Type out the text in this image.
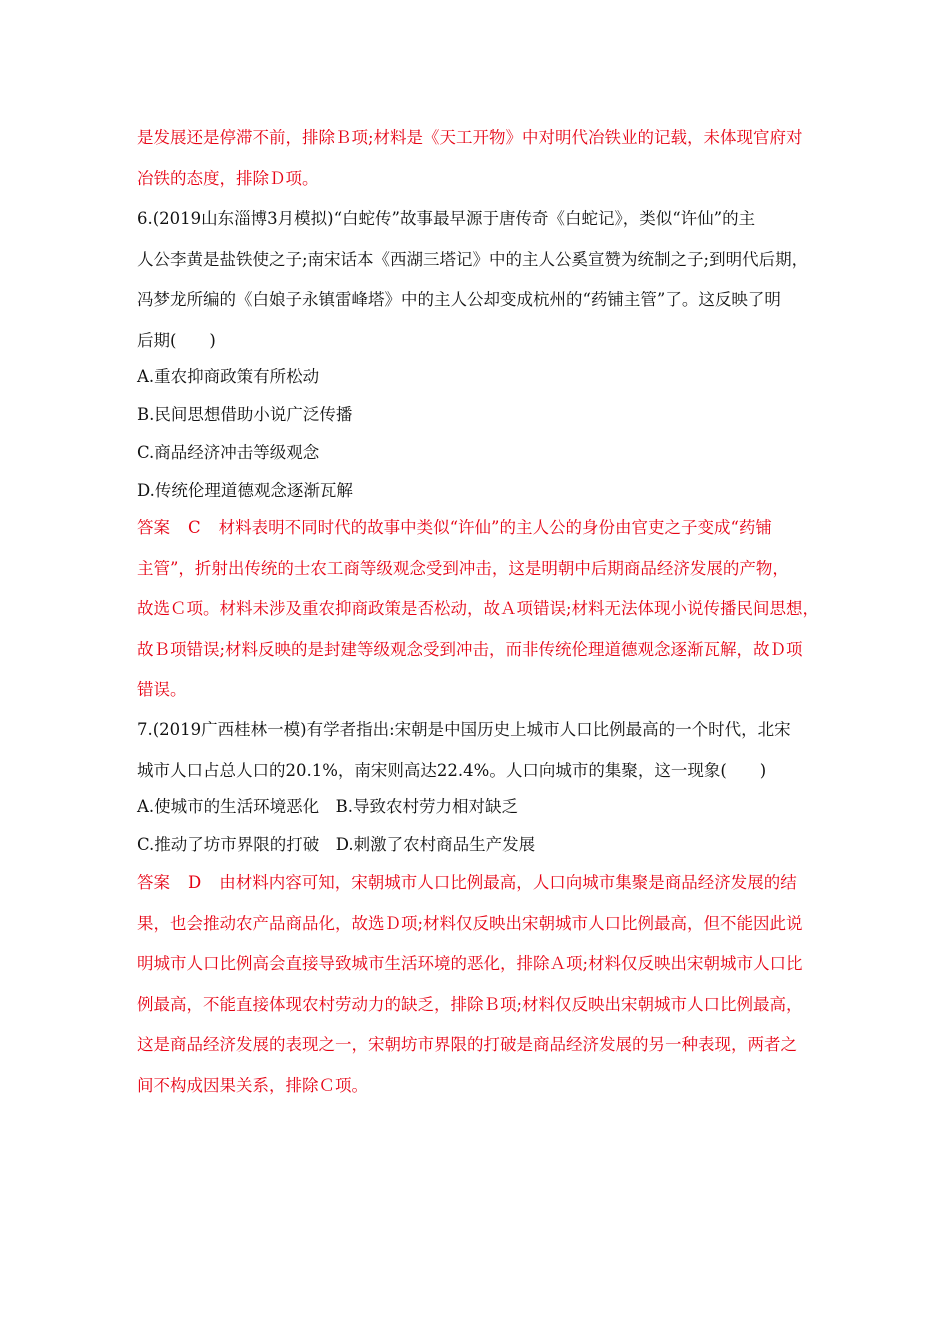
是发展还是停滞不前，排除Ｂ项;材料是《天工开物》中对明代冶铁业的记载，未体现官府对
冶铁的态度，排除Ｄ项。
6.(2019山东淄博3月模拟)“白蛇传”故事最早源于唐传奇《白蛇记》，类似“许仙”的主
人公李黄是盐铁使之子;南宋话本《西湖三塔记》中的主人公奚宣赞为统制之子;到明代后期，
冯梦龙所编的《白娘子永镇雷峰塔》中的主人公却变成杭州的“药铺主管”了。这反映了明
后期(　　)
A.重农抑商政策有所松动
B.民间思想借助小说广泛传播
C.商品经济冲击等级观念
D.传统伦理道德观念逐渐瓦解
答案 C 材料表明不同时代的故事中类似“许仙”的主人公的身份由官吏之子变成“药铺
主管”，折射出传统的士农工商等级观念受到冲击，这是明朝中后期商品经济发展的产物，
故选Ｃ项。材料未涉及重农抑商政策是否松动，故Ａ项错误;材料无法体现小说传播民间思想，
故Ｂ项错误;材料反映的是封建等级观念受到冲击，而非传统伦理道德观念逐渐瓦解，故Ｄ项
错误。
7.(2019广西桂林一模)有学者指出:宋朝是中国历史上城市人口比例最高的一个时代，北宋
城市人口占总人口的20.1%，南宋则高达22.4%。人口向城市的集聚，这一现象(　　)
A.使城市的生活环境恶化　B.导致农村劳力相对缺乏
C.推动了坊市界限的打破　D.刺激了农村商品生产发展
答案 D 由材料内容可知，宋朝城市人口比例最高，人口向城市集聚是商品经济发展的结
果，也会推动农产品商品化，故选Ｄ项;材料仅反映出宋朝城市人口比例最高，但不能因此说
明城市人口比例高会直接导致城市生活环境的恶化，排除Ａ项;材料仅反映出宋朝城市人口比
例最高，不能直接体现农村劳动力的缺乏，排除Ｂ项;材料仅反映出宋朝城市人口比例最高，
这是商品经济发展的表现之一，宋朝坊市界限的打破是商品经济发展的另一种表现，两者之
间不构成因果关系，排除Ｃ项。
